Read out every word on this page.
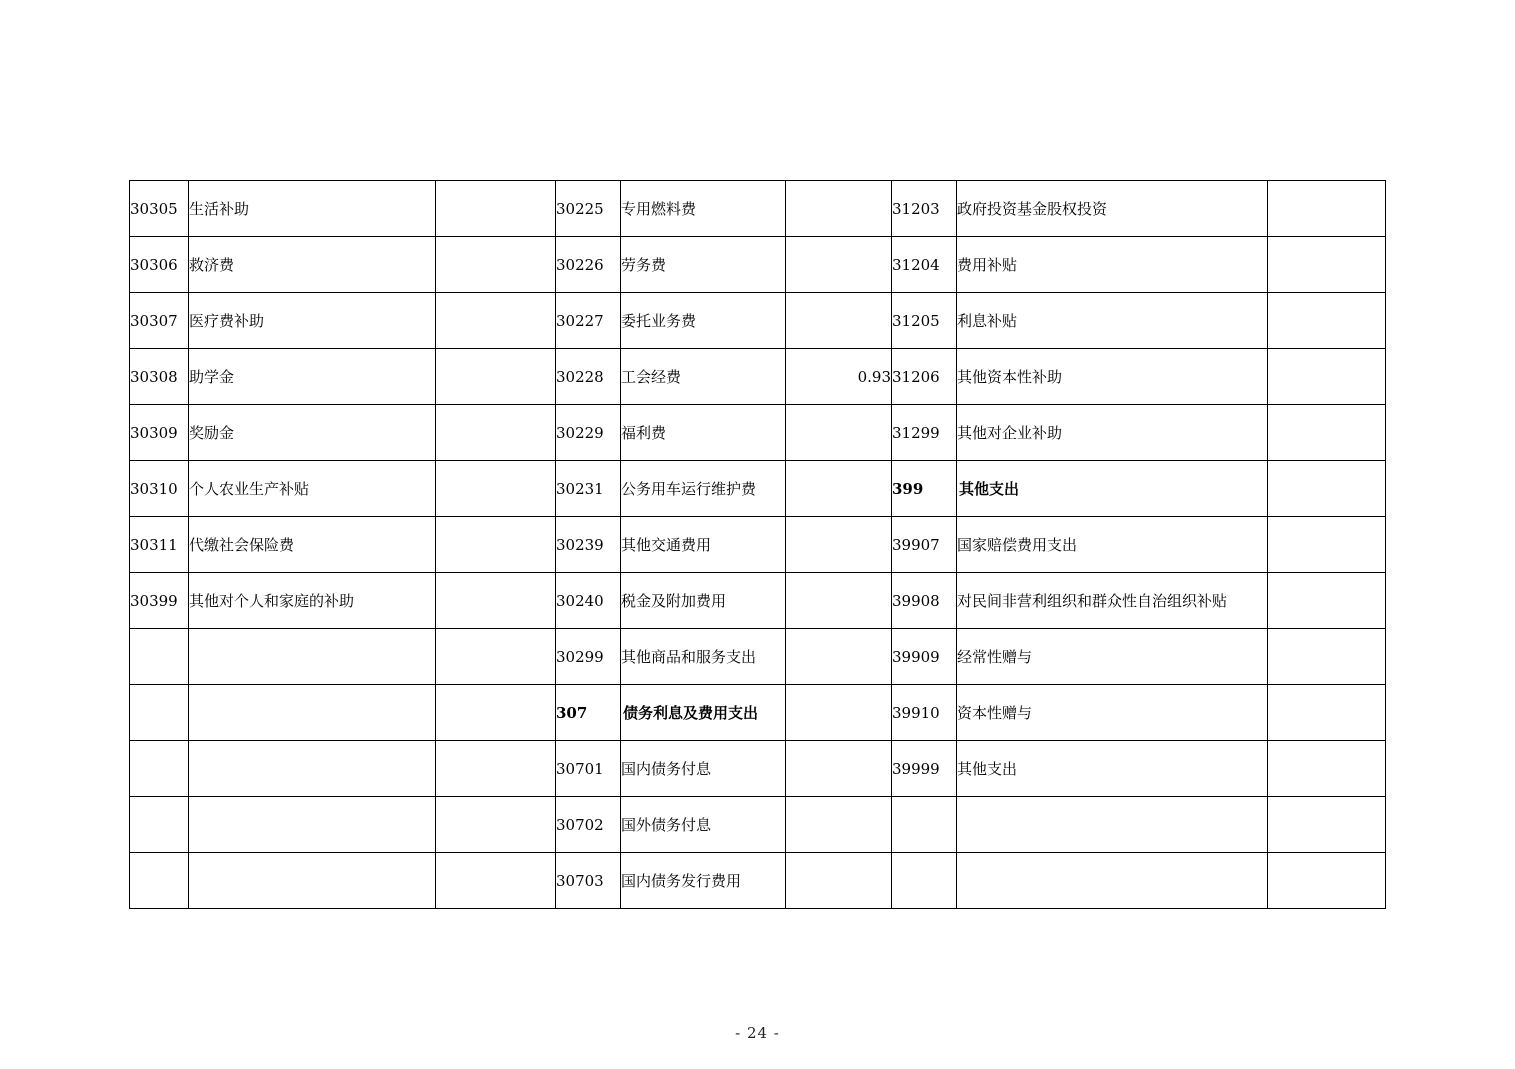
30305	生活补助		30225	专用燃料费		31203	政府投资基金股权投资	
30306	救济费		30226	劳务费		31204	费用补贴	
30307	医疗费补助		30227	委托业务费		31205	利息补贴	
30308	助学金		30228	工会经费	0.93	31206	其他资本性补助	
30309	奖励金		30229	福利费		31299	其他对企业补助	
30310	个人农业生产补贴		30231	公务用车运行维护费		399	其他支出	
30311	代缴社会保险费		30239	其他交通费用		39907	国家赔偿费用支出	
30399	其他对个人和家庭的补助		30240	税金及附加费用		39908	对民间非营利组织和群众性自治组织补贴	
			30299	其他商品和服务支出		39909	经常性赠与	
			307	债务利息及费用支出		39910	资本性赠与	
			30701	国内债务付息		39999	其他支出	
			30702	国外债务付息				
			30703	国内债务发行费用				
- 24 -
